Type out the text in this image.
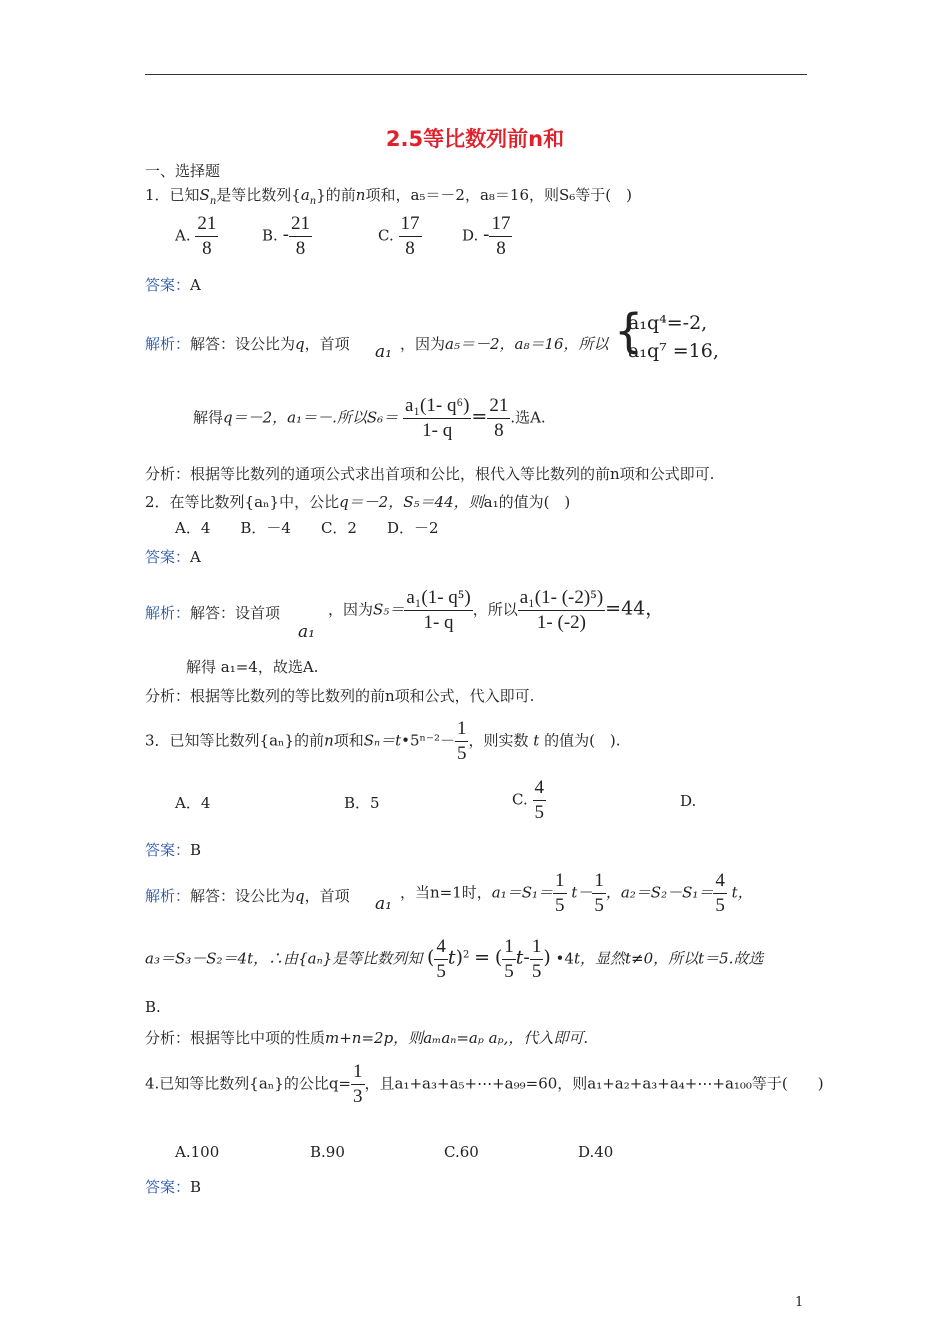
2.5等比数列前n和
一、选择题
1．已知$S_n$是等比数列$\{a_n\}$的前n项和，a₅＝－2，a₈＝16，则S₆等于(　)
A. $\frac{21}{8}$	B. - $\frac{21}{8}$	C. $\frac{17}{8}$	D. - $\frac{17}{8}$
答案：A
解析：解答：设公比为q，首项 a₁ ，因为a₅＝－2，a₈＝16，所以 {
a₁q⁴=-2,
a₁q⁷ =16,
解得q＝－2，a₁＝－.所以$S_6= \frac{\text{a₁(1- q⁶)}}{1- q} = \frac{21}{8}$ .选A.
分析：根据等比数列的通项公式求出首项和公比，根代入等比数列的前n项和公式即可.
2．在等比数列{aₙ}中，公比q＝－2，S₅＝44，则a₁的值为(　)
A．4　　B．－4　　C．2　　D．－2
答案：A
解析：解答：设首项
a₁
，因为$S_5= \frac{\text{a₁(1- q⁵)}}{1- q}$ ，所以 $\frac{\text{a₁(1- (-2)⁵)}}{1- (-2)} =44$，
解得 a₁=4，故选A.
分析：根据等比数列的等比数列的前n项和公式，代入即可.
3．已知等比数列{aₙ}的前n项和Sₙ＝t•5ⁿ⁻²－ $\frac{1}{5}$ ，则实数 t 的值为(　).
A．4	B．5	C. $\frac{4}{5}$	D.
答案：B
解析：解答：设公比为q，首项 a₁
，当n=1时，$a_1=S_1= \frac{1}{5} t- \frac{1}{5}$ ，$a_2=S_2-S_1= \frac{4}{5}$ t，
a₃＝S₃－S₂＝4t，∴由{aₙ}是等比数列知 ( $\frac{4}{5} t)^2$ = ( $\frac{1}{5} t- \frac{1}{5}$ ) •4t，显然t≠0，所以t＝5.故选
B.
分析：根据等比中项的性质m+n=2p，则aₘaₙ=aₚ aₚ,，代入即可.
4.已知等比数列{aₙ}的公比$q= \frac{1}{3}$ ，且a₁+a₃+a₅+⋯+a₉₉=60，则a₁+a₂+a₃+a₄+⋯+a₁₀₀等于(　　)
A.100	B.90	C.60	D.40
答案：B
1
